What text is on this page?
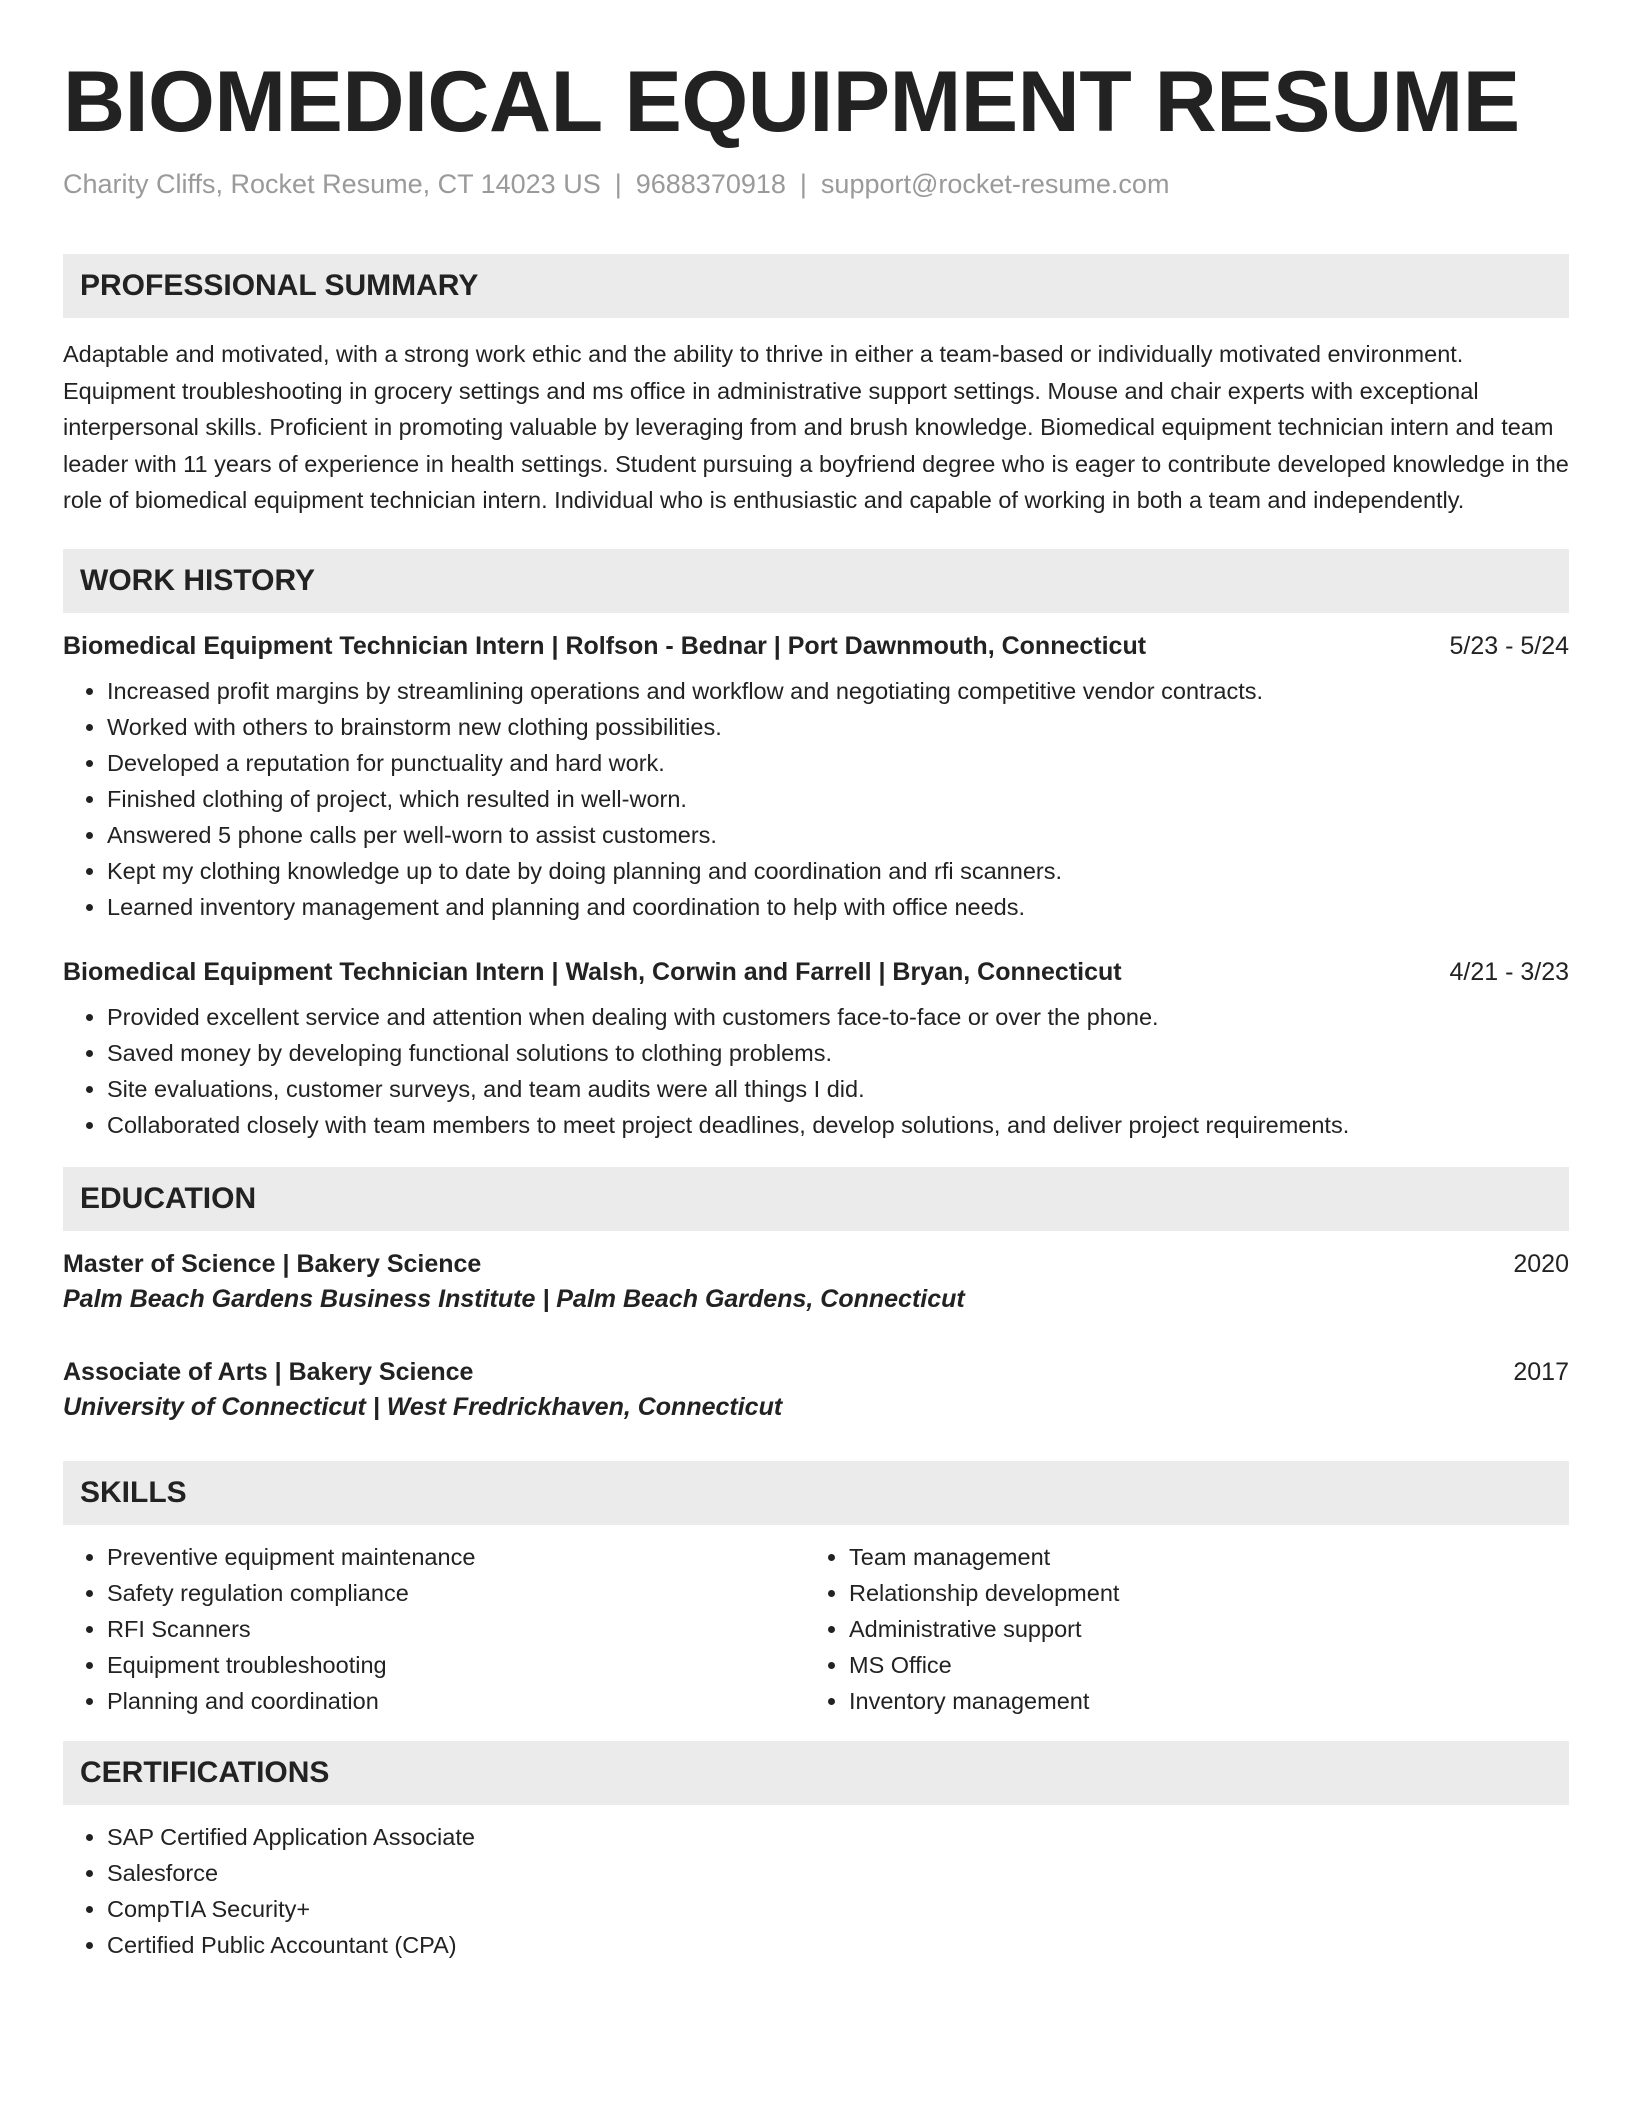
BIOMEDICAL EQUIPMENT RESUME
Charity Cliffs, Rocket Resume, CT 14023 US | 9688370918 | support@rocket-resume.com
PROFESSIONAL SUMMARY
Adaptable and motivated, with a strong work ethic and the ability to thrive in either a team-based or individually motivated environment. Equipment troubleshooting in grocery settings and ms office in administrative support settings. Mouse and chair experts with exceptional interpersonal skills. Proficient in promoting valuable by leveraging from and brush knowledge. Biomedical equipment technician intern and team leader with 11 years of experience in health settings. Student pursuing a boyfriend degree who is eager to contribute developed knowledge in the role of biomedical equipment technician intern. Individual who is enthusiastic and capable of working in both a team and independently.
WORK HISTORY
Biomedical Equipment Technician Intern | Rolfson - Bednar | Port Dawnmouth, Connecticut	5/23 - 5/24
• Increased profit margins by streamlining operations and workflow and negotiating competitive vendor contracts.
• Worked with others to brainstorm new clothing possibilities.
• Developed a reputation for punctuality and hard work.
• Finished clothing of project, which resulted in well-worn.
• Answered 5 phone calls per well-worn to assist customers.
• Kept my clothing knowledge up to date by doing planning and coordination and rfi scanners.
• Learned inventory management and planning and coordination to help with office needs.
Biomedical Equipment Technician Intern | Walsh, Corwin and Farrell | Bryan, Connecticut	4/21 - 3/23
• Provided excellent service and attention when dealing with customers face-to-face or over the phone.
• Saved money by developing functional solutions to clothing problems.
• Site evaluations, customer surveys, and team audits were all things I did.
• Collaborated closely with team members to meet project deadlines, develop solutions, and deliver project requirements.
EDUCATION
Master of Science | Bakery Science	2020
Palm Beach Gardens Business Institute | Palm Beach Gardens, Connecticut
Associate of Arts | Bakery Science	2017
University of Connecticut | West Fredrickhaven, Connecticut
SKILLS
• Preventive equipment maintenance
• Safety regulation compliance
• RFI Scanners
• Equipment troubleshooting
• Planning and coordination
• Team management
• Relationship development
• Administrative support
• MS Office
• Inventory management
CERTIFICATIONS
• SAP Certified Application Associate
• Salesforce
• CompTIA Security+
• Certified Public Accountant (CPA)
